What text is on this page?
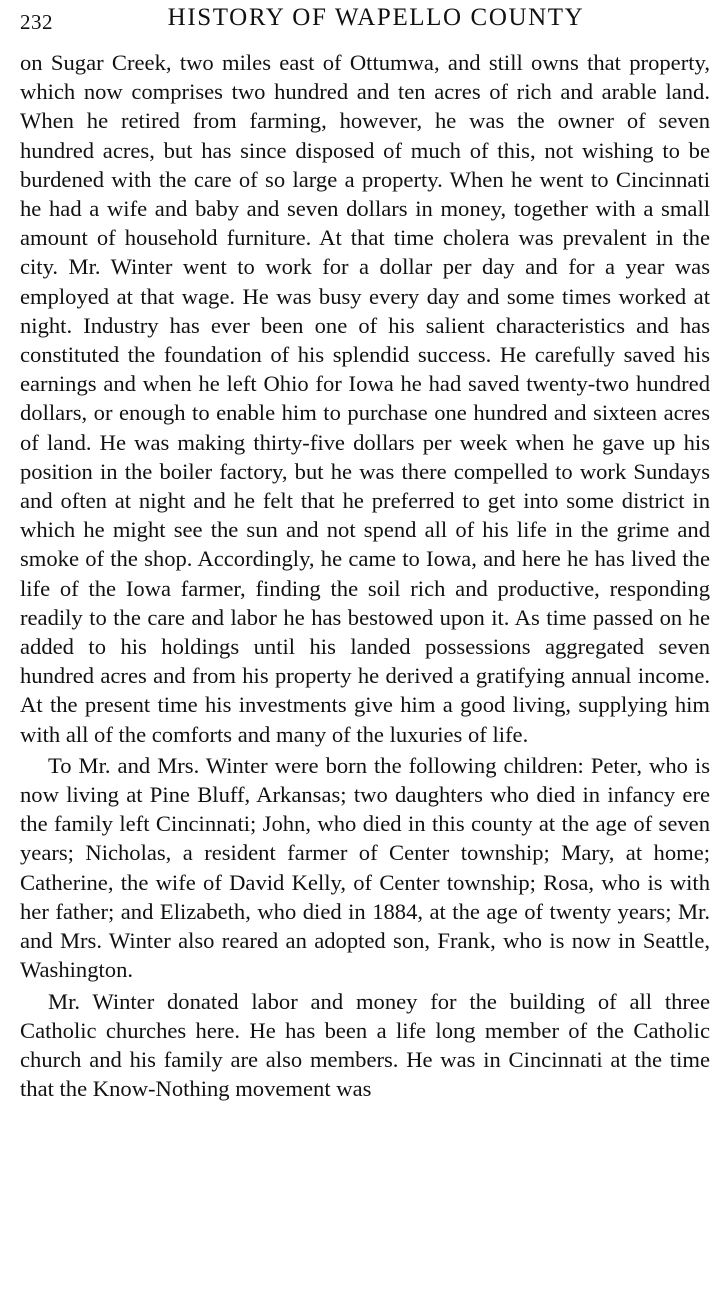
232	HISTORY OF WAPELLO COUNTY

on Sugar Creek, two miles east of Ottumwa, and still owns that property, which now comprises two hundred and ten acres of rich and arable land. When he retired from farming, however, he was the owner of seven hundred acres, but has since disposed of much of this, not wishing to be burdened with the care of so large a property. When he went to Cincinnati he had a wife and baby and seven dollars in money, together with a small amount of household furniture. At that time cholera was prevalent in the city. Mr. Winter went to work for a dollar per day and for a year was employed at that wage. He was busy every day and some times worked at night. Industry has ever been one of his salient characteristics and has constituted the foundation of his splendid success. He carefully saved his earnings and when he left Ohio for Iowa he had saved twenty-two hundred dollars, or enough to enable him to purchase one hundred and sixteen acres of land. He was making thirty-five dollars per week when he gave up his position in the boiler factory, but he was there compelled to work Sundays and often at night and he felt that he preferred to get into some district in which he might see the sun and not spend all of his life in the grime and smoke of the shop. Accordingly, he came to Iowa, and here he has lived the life of the Iowa farmer, finding the soil rich and productive, responding readily to the care and labor he has bestowed upon it. As time passed on he added to his holdings until his landed possessions aggregated seven hundred acres and from his property he derived a gratifying annual income. At the present time his investments give him a good living, supplying him with all of the comforts and many of the luxuries of life.

To Mr. and Mrs. Winter were born the following children: Peter, who is now living at Pine Bluff, Arkansas; two daughters who died in infancy ere the family left Cincinnati; John, who died in this county at the age of seven years; Nicholas, a resident farmer of Center township; Mary, at home; Catherine, the wife of David Kelly, of Center township; Rosa, who is with her father; and Elizabeth, who died in 1884, at the age of twenty years; Mr. and Mrs. Winter also reared an adopted son, Frank, who is now in Seattle, Washington.

Mr. Winter donated labor and money for the building of all three Catholic churches here. He has been a life long member of the Catholic church and his family are also members. He was in Cincinnati at the time that the Know-Nothing movement was
